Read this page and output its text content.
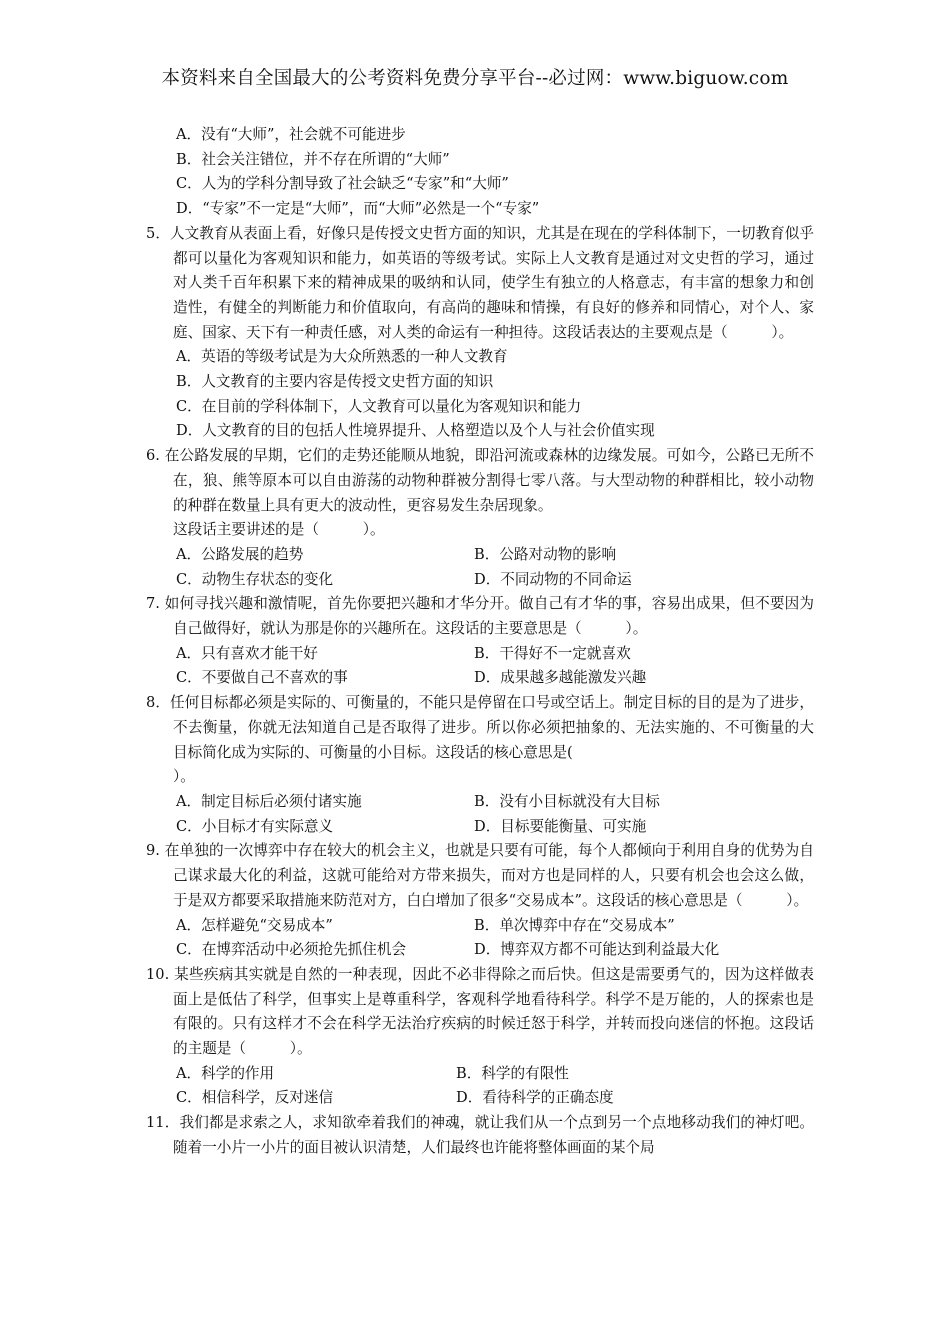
本资料来自全国最大的公考资料免费分享平台--必过网：www.biguow.com

A．没有“大师”，社会就不可能进步

B．社会关注错位，并不存在所谓的“大师”

C．人为的学科分割导致了社会缺乏“专家”和“大师”

D．“专家”不一定是“大师”，而“大师”必然是一个“专家”

5．人文教育从表面上看，好像只是传授文史哲方面的知识，尤其是在现在的学科体制下，一切教育似乎都可以量化为客观知识和能力，如英语的等级考试。实际上人文教育是通过对文史哲的学习，通过对人类千百年积累下来的精神成果的吸纳和认同，使学生有独立的人格意志，有丰富的想象力和创造性，有健全的判断能力和价值取向，有高尚的趣味和情操，有良好的修养和同情心，对个人、家庭、国家、天下有一种责任感，对人类的命运有一种担待。这段话表达的主要观点是（　　　）。

A．英语的等级考试是为大众所熟悉的一种人文教育

B．人文教育的主要内容是传授文史哲方面的知识

C．在目前的学科体制下，人文教育可以量化为客观知识和能力

D．人文教育的目的包括人性境界提升、人格塑造以及个人与社会价值实现

6. 在公路发展的早期，它们的走势还能顺从地貌，即沿河流或森林的边缘发展。可如今，公路已无所不在，狼、熊等原本可以自由游荡的动物种群被分割得七零八落。与大型动物的种群相比，较小动物的种群在数量上具有更大的波动性，更容易发生杂居现象。

这段话主要讲述的是（　　　）。

A．公路发展的趋势	B．公路对动物的影响
C．动物生存状态的变化	D．不同动物的不同命运

7. 如何寻找兴趣和激情呢，首先你要把兴趣和才华分开。做自己有才华的事，容易出成果，但不要因为自己做得好，就认为那是你的兴趣所在。这段话的主要意思是（　　　）。

A．只有喜欢才能干好	B．干得好不一定就喜欢
C．不要做自己不喜欢的事	D．成果越多越能激发兴趣

8．任何目标都必须是实际的、可衡量的，不能只是停留在口号或空话上。制定目标的目的是为了进步，不去衡量，你就无法知道自己是否取得了进步。所以你必须把抽象的、无法实施的、不可衡量的大目标简化成为实际的、可衡量的小目标。这段话的核心意思是(

）。

A．制定目标后必须付诸实施	B．没有小目标就没有大目标
C．小目标才有实际意义	D．目标要能衡量、可实施

9. 在单独的一次博弈中存在较大的机会主义，也就是只要有可能，每个人都倾向于利用自身的优势为自己谋求最大化的利益，这就可能给对方带来损失，而对方也是同样的人，只要有机会也会这么做，于是双方都要采取措施来防范对方，白白增加了很多“交易成本”。这段话的核心意思是（　　　）。

A．怎样避免“交易成本”	B．单次博弈中存在“交易成本”
C．在博弈活动中必须抢先抓住机会	D．博弈双方都不可能达到利益最大化

10. 某些疾病其实就是自然的一种表现，因此不必非得除之而后快。但这是需要勇气的，因为这样做表面上是低估了科学，但事实上是尊重科学，客观科学地看待科学。科学不是万能的，人的探索也是有限的。只有这样才不会在科学无法治疗疾病的时候迁怒于科学，并转而投向迷信的怀抱。这段话的主题是（　　　）。

A．科学的作用	B．科学的有限性
C．相信科学，反对迷信	D．看待科学的正确态度

11．我们都是求索之人，求知欲牵着我们的神魂，就让我们从一个点到另一个点地移动我们的神灯吧。随着一小片一小片的面目被认识清楚，人们最终也许能将整体画面的某个局
